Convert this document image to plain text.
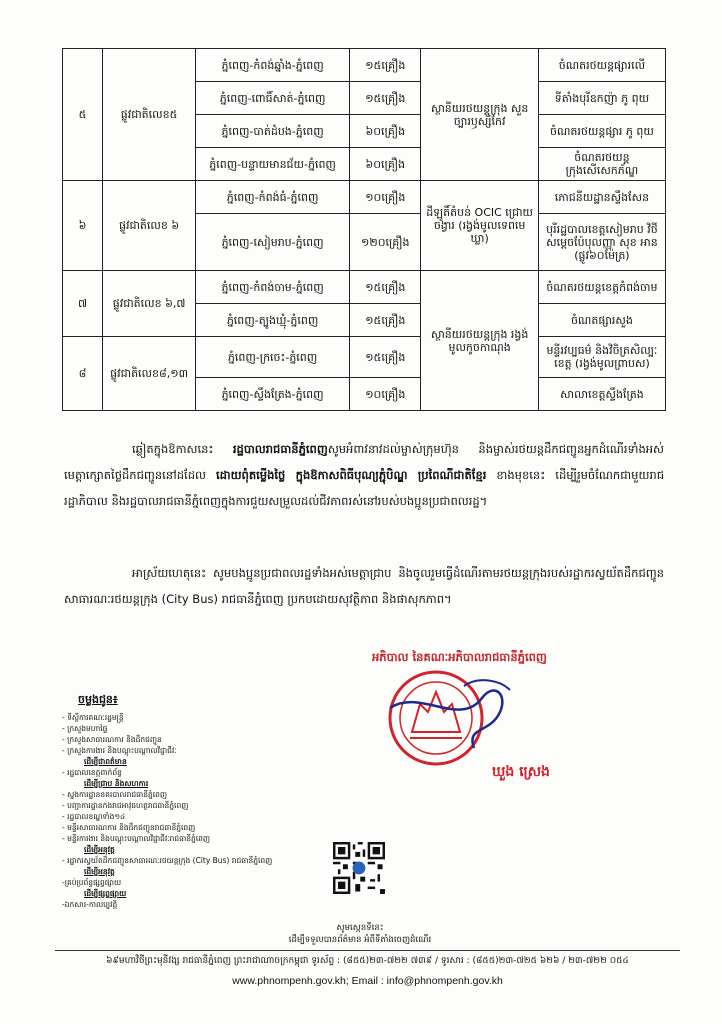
៥	ផ្លូវជាតិលេខ៥	ភ្នំពេញ-កំពង់ឆ្នាំង-ភ្នំពេញ	១៥គ្រឿង	ស្ថានីយរថយន្តក្រុង សួនច្បារឫស្សីកែវ	ចំណតរថយន្តផ្សារលើ
		ភ្នំពេញ-ពោធិ៍សាត់-ភ្នំពេញ	១៥គ្រឿង		ទីតាំងបុរីឧកញ៉ា ភូ ពុយ
		ភ្នំពេញ-បាត់ដំបង-ភ្នំពេញ	៦០គ្រឿង		ចំណតរថយន្តផ្សារ ភូ ពុយ
		ភ្នំពេញ-បន្ទាយមានជ័យ-ភ្នំពេញ	៦០គ្រឿង		ចំណតរថយន្តក្រុងសើសេកភ័ណ្ឌ
៦	ផ្លូវជាតិលេខ ៦	ភ្នំពេញ-កំពង់ធំ-ភ្នំពេញ	១០គ្រឿង	ដីឡូតិ៍តំបន់ OCIC ជ្រោយចង្វារ (រង្វង់មូលទេពមេឃ្លា)	ភោជនីយដ្ឋានស្ទឹងសែន
		ភ្នំពេញ-សៀមរាប-ភ្នំពេញ	១២០គ្រឿង		បុរីរដ្ឋបាលខេត្តសៀមរាប វិថីសម្ដេចប៉ែបុលញ្ញា សុខ អាន (ផ្លូវ៦០ម៉ែត្រ)
៧	ផ្លូវជាតិលេខ ៦,៧	ភ្នំពេញ-កំពង់ចាម-ភ្នំពេញ	១៥គ្រឿង	ស្ថានីយរថយន្តក្រុង រង្វង់មូលកូចកាណុង	ចំណតរថយន្តខេត្តកំពង់ចាម
		ភ្នំពេញ-ត្បូងឃ្មុំ-ភ្នំពេញ	១៥គ្រឿង		ចំណតផ្សារសួង
៨	ផ្លូវជាតិលេខ៨,១៣	ភ្នំពេញ-ក្រចេះ-ភ្នំពេញ	១៥គ្រឿង		មន្ទីរវប្បធម៌ និងវិចិត្រសិល្បៈខេត្ត (រង្វង់មូលព្រាបស)
		ភ្នំពេញ-ស្ទឹងត្រែង-ភ្នំពេញ	១០គ្រឿង		សាលាខេត្តស្ទឹងត្រែង
ឆ្លៀតក្នុងឱកាសនេះ រដ្ឋបាលរាជធានីភ្នំពេញសូមអំពាវនាវដល់ម្ចាស់ក្រុមហ៊ុន និងម្ចាស់រថយន្តដឹកជញ្ជូនអ្នកដំណើរទាំងអស់មេត្តាក្សោតថ្លៃដឹកជញ្ជូននៅដដែល ដោយពុំតម្លើងថ្លៃ ក្នុងឱកាសពិធីបុណ្យភ្ជុំបិណ្ឌ ប្រពៃណីជាតិខ្មែរ ខាងមុខនេះ ដើម្បីរួមចំណែកជាមួយរាជរដ្ឋាភិបាល និងរដ្ឋបាលរាជធានីភ្នំពេញក្នុងការជួយសម្រួលដល់ជីវភាពរស់នៅរបស់បងប្អូនប្រជាពលរដ្ឋ។
អាស្រ័យហេតុនេះ សូមបងប្អូនប្រជាពលរដ្ឋទាំងអស់មេត្តាជ្រាប និងចូលរួមធ្វើដំណើរតាមរថយន្តក្រុងរបស់រដ្ឋាករស្វយ័តដឹកជញ្ជូនសាធារណៈរថយន្តក្រុង (City Bus) រាជធានីភ្នំពេញ ប្រកបដោយសុវត្ថិភាព និងផាសុកភាព។
អភិបាល នៃគណៈអភិបាលរាជធានីភ្នំពេញ
ឃួង ស្រេង
ចម្លងជូន៖
- ទីស្តីការគណៈរដ្ឋមន្ត្រី
- ក្រសួងមហាផ្ទៃ
- ក្រសួងសាធារណការ និងដឹកជញ្ជូន
- ក្រសួងការងារ និងបណ្តុះបណ្តាលវិជ្ជាជីវៈ
ដើម្បីជាពត៌មាន
- រដ្ឋបាលខេត្តពាក់ព័ន្ធ
ដើម្បីជ្រាប និងសហការ
- ស្នងការដ្ឋាននគរបាលរាជធានីភ្នំពេញ
- បញ្ជាការដ្ឋានកងរាជអាវុធហត្ថរាជធានីភ្នំពេញ
- រដ្ឋបាលខណ្ឌទាំង១៤
- មន្ទីរសាធារណការ និងដឹកជញ្ជូនរាជធានីភ្នំពេញ
- មន្ទីរការងារ និងបណ្តុះបណ្តាលវិជ្ជាជីវៈរាជធានីភ្នំពេញ
ដើម្បីអនុវត្ត
- រដ្ឋាករស្វយ័តដឹកជញ្ជូនសាធារណៈរថយន្តក្រុង (City Bus) រាជធានីភ្នំពេញ
ដើម្បីអនុវត្ត
-គ្រប់ប្រព័ន្ធផ្សព្វផ្សាយ
ដើម្បីផ្សព្វផ្សាយ
-ឯកសារ-កាលប្បវត្តិ
សូមស្កេនទីនេះ
ដើម្បីទទួលបានព័ត៌មាន អំពីទីតាំងចេញដំណើរ
៦៩មហាវិថីព្រះមុនីវង្ស រាជធានីភ្នំពេញ ព្រះរាជាណាចក្រកម្ពុជា ទូរស័ព្ទ : (៨៥៥)២៣-៧២២ ៧៣៩ / ទូរសារ : (៨៥៥)២៣-៧២៥ ៦២៦ / ២៣-៧២២ ០៥៤
www.phnompenh.gov.kh; Email : info@phnompenh.gov.kh
